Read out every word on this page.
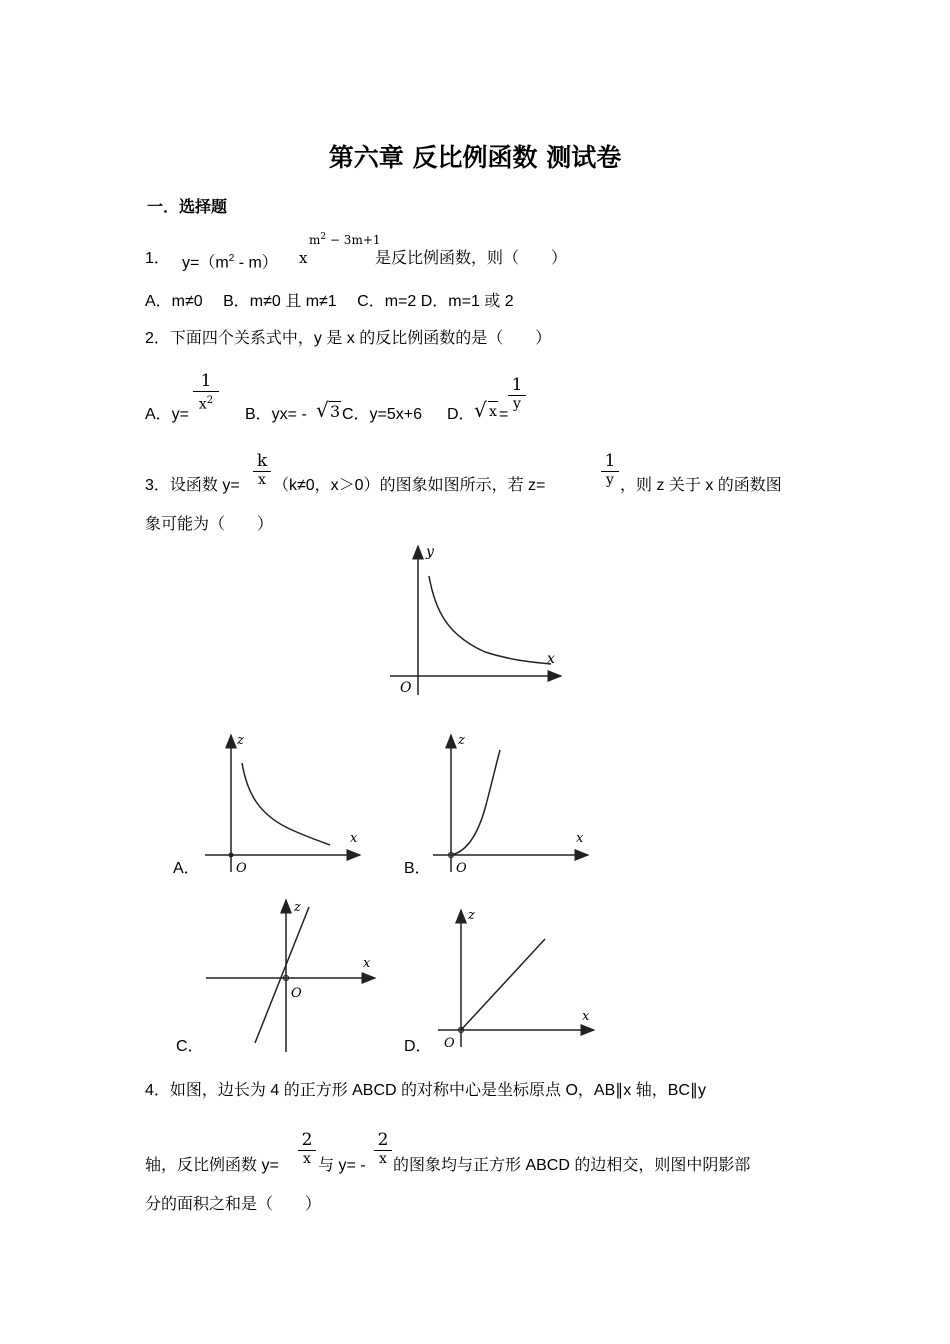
第六章 反比例函数 测试卷
一．选择题
1． $y=(m^2 - m)$ x
$m^2 - 3m+1$
是反比例函数，则（　　）
A．m≠0　 B．m≠0 且 m≠1　 C．m=2 D．m=1 或 2
2．下面四个关系式中，y 是 x 的反比例函数的是（　　）
A．y=
1
$x^2$
B．yx= - √ 3 C．y=5x+6 D． √ x =
1
y
3．设函数 y=
k
x （k≠0，x＞0）的图象如图所示，若 z=
1
y ，则 z 关于 x 的函数图
象可能为（　　）
y
x
O
z
x
O
A．
z
x
O
B．
z
x
O
C．
z
x
O
D．
4．如图，边长为 4 的正方形 ABCD 的对称中心是坐标原点 O，AB∥x 轴，BC∥y
轴，反比例函数 y=
2
x 与 y= -
2
x 的图象均与正方形 ABCD 的边相交，则图中阴影部
分的面积之和是（　　）
